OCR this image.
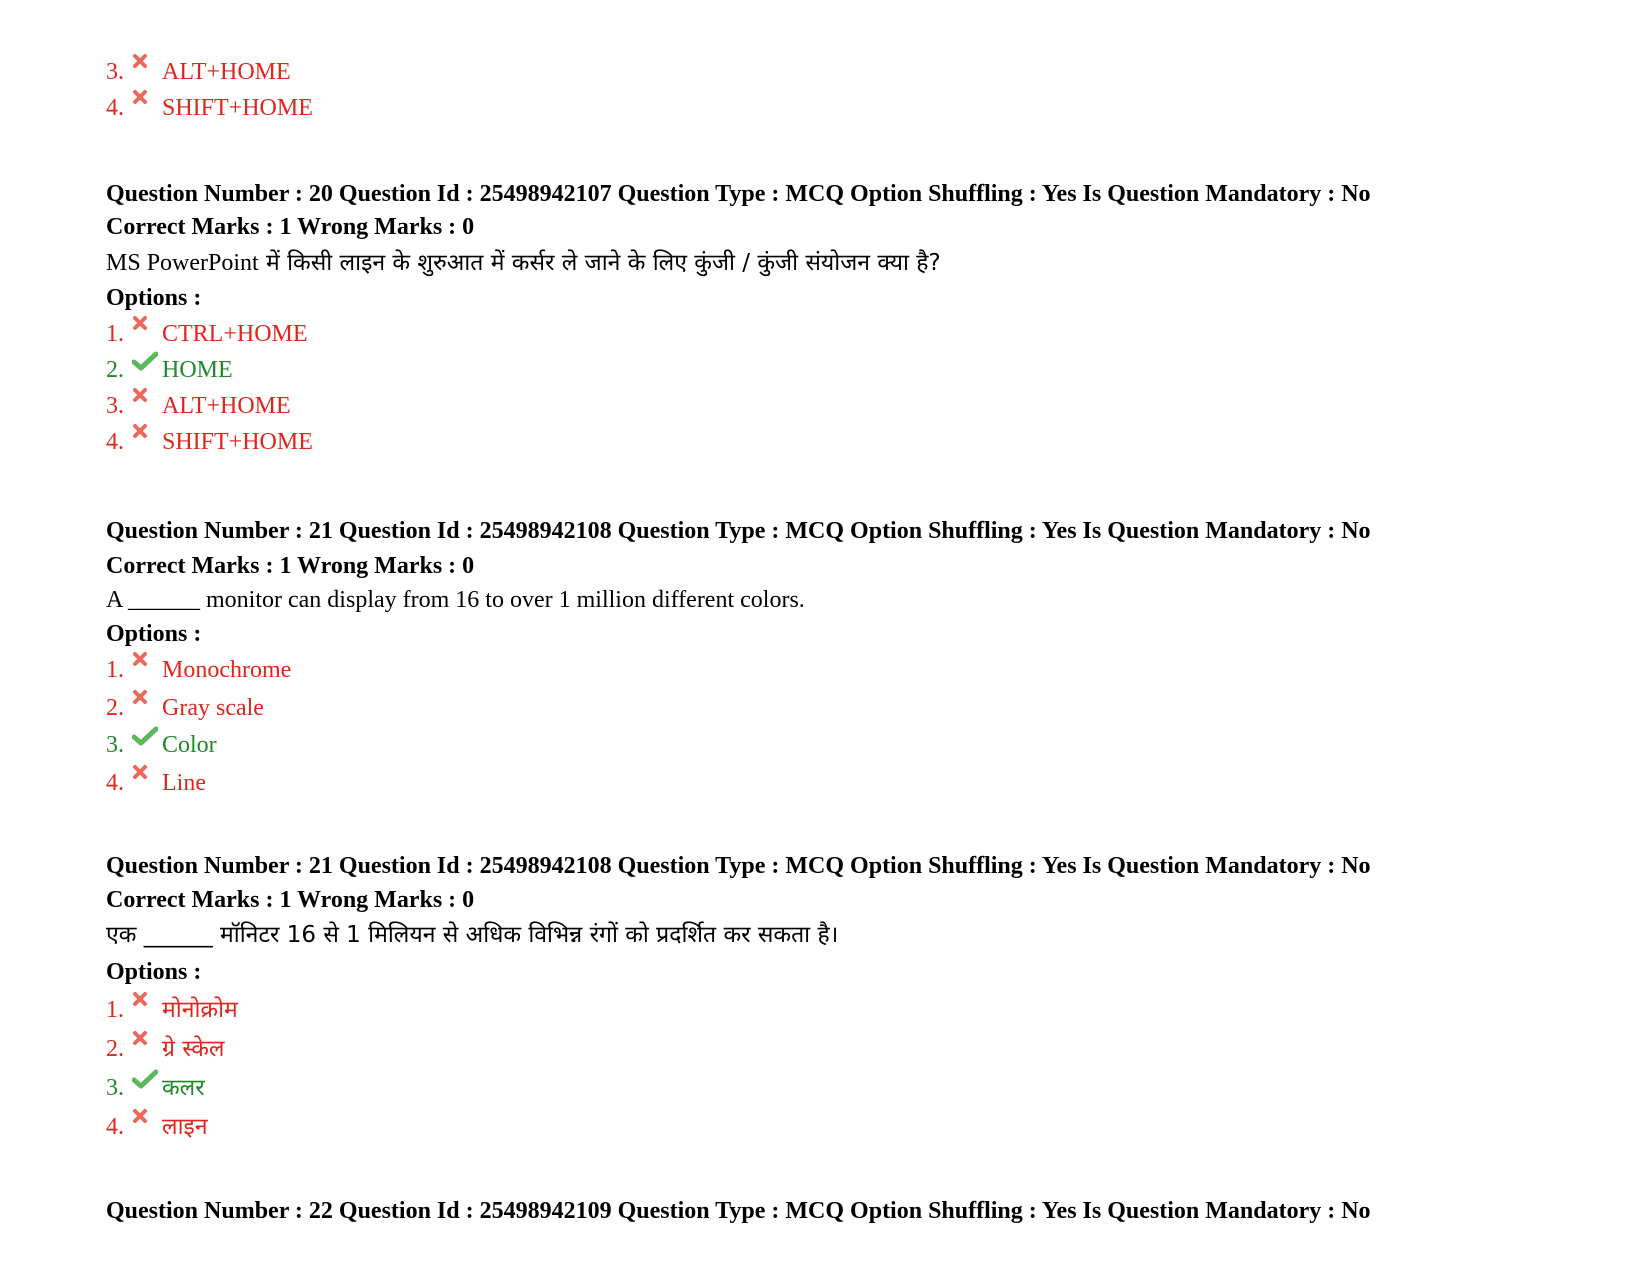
3. ALT+HOME
4. SHIFT+HOME
Question Number : 20 Question Id : 25498942107 Question Type : MCQ Option Shuffling : Yes Is Question Mandatory : No
Correct Marks : 1 Wrong Marks : 0
MS PowerPoint में किसी लाइन के शुरुआत में कर्सर ले जाने के लिए कुंजी / कुंजी संयोजन क्या है?
Options :
1. CTRL+HOME
2. HOME
3. ALT+HOME
4. SHIFT+HOME
Question Number : 21 Question Id : 25498942108 Question Type : MCQ Option Shuffling : Yes Is Question Mandatory : No
Correct Marks : 1 Wrong Marks : 0
A ______ monitor can display from 16 to over 1 million different colors.
Options :
1. Monochrome
2. Gray scale
3. Color
4. Line
Question Number : 21 Question Id : 25498942108 Question Type : MCQ Option Shuffling : Yes Is Question Mandatory : No
Correct Marks : 1 Wrong Marks : 0
एक ______ मॉनिटर 16 से 1 मिलियन से अधिक विभिन्न रंगों को प्रदर्शित कर सकता है।
Options :
1. मोनोक्रोम
2. ग्रे स्केल
3. कलर
4. लाइन
Question Number : 22 Question Id : 25498942109 Question Type : MCQ Option Shuffling : Yes Is Question Mandatory : No
